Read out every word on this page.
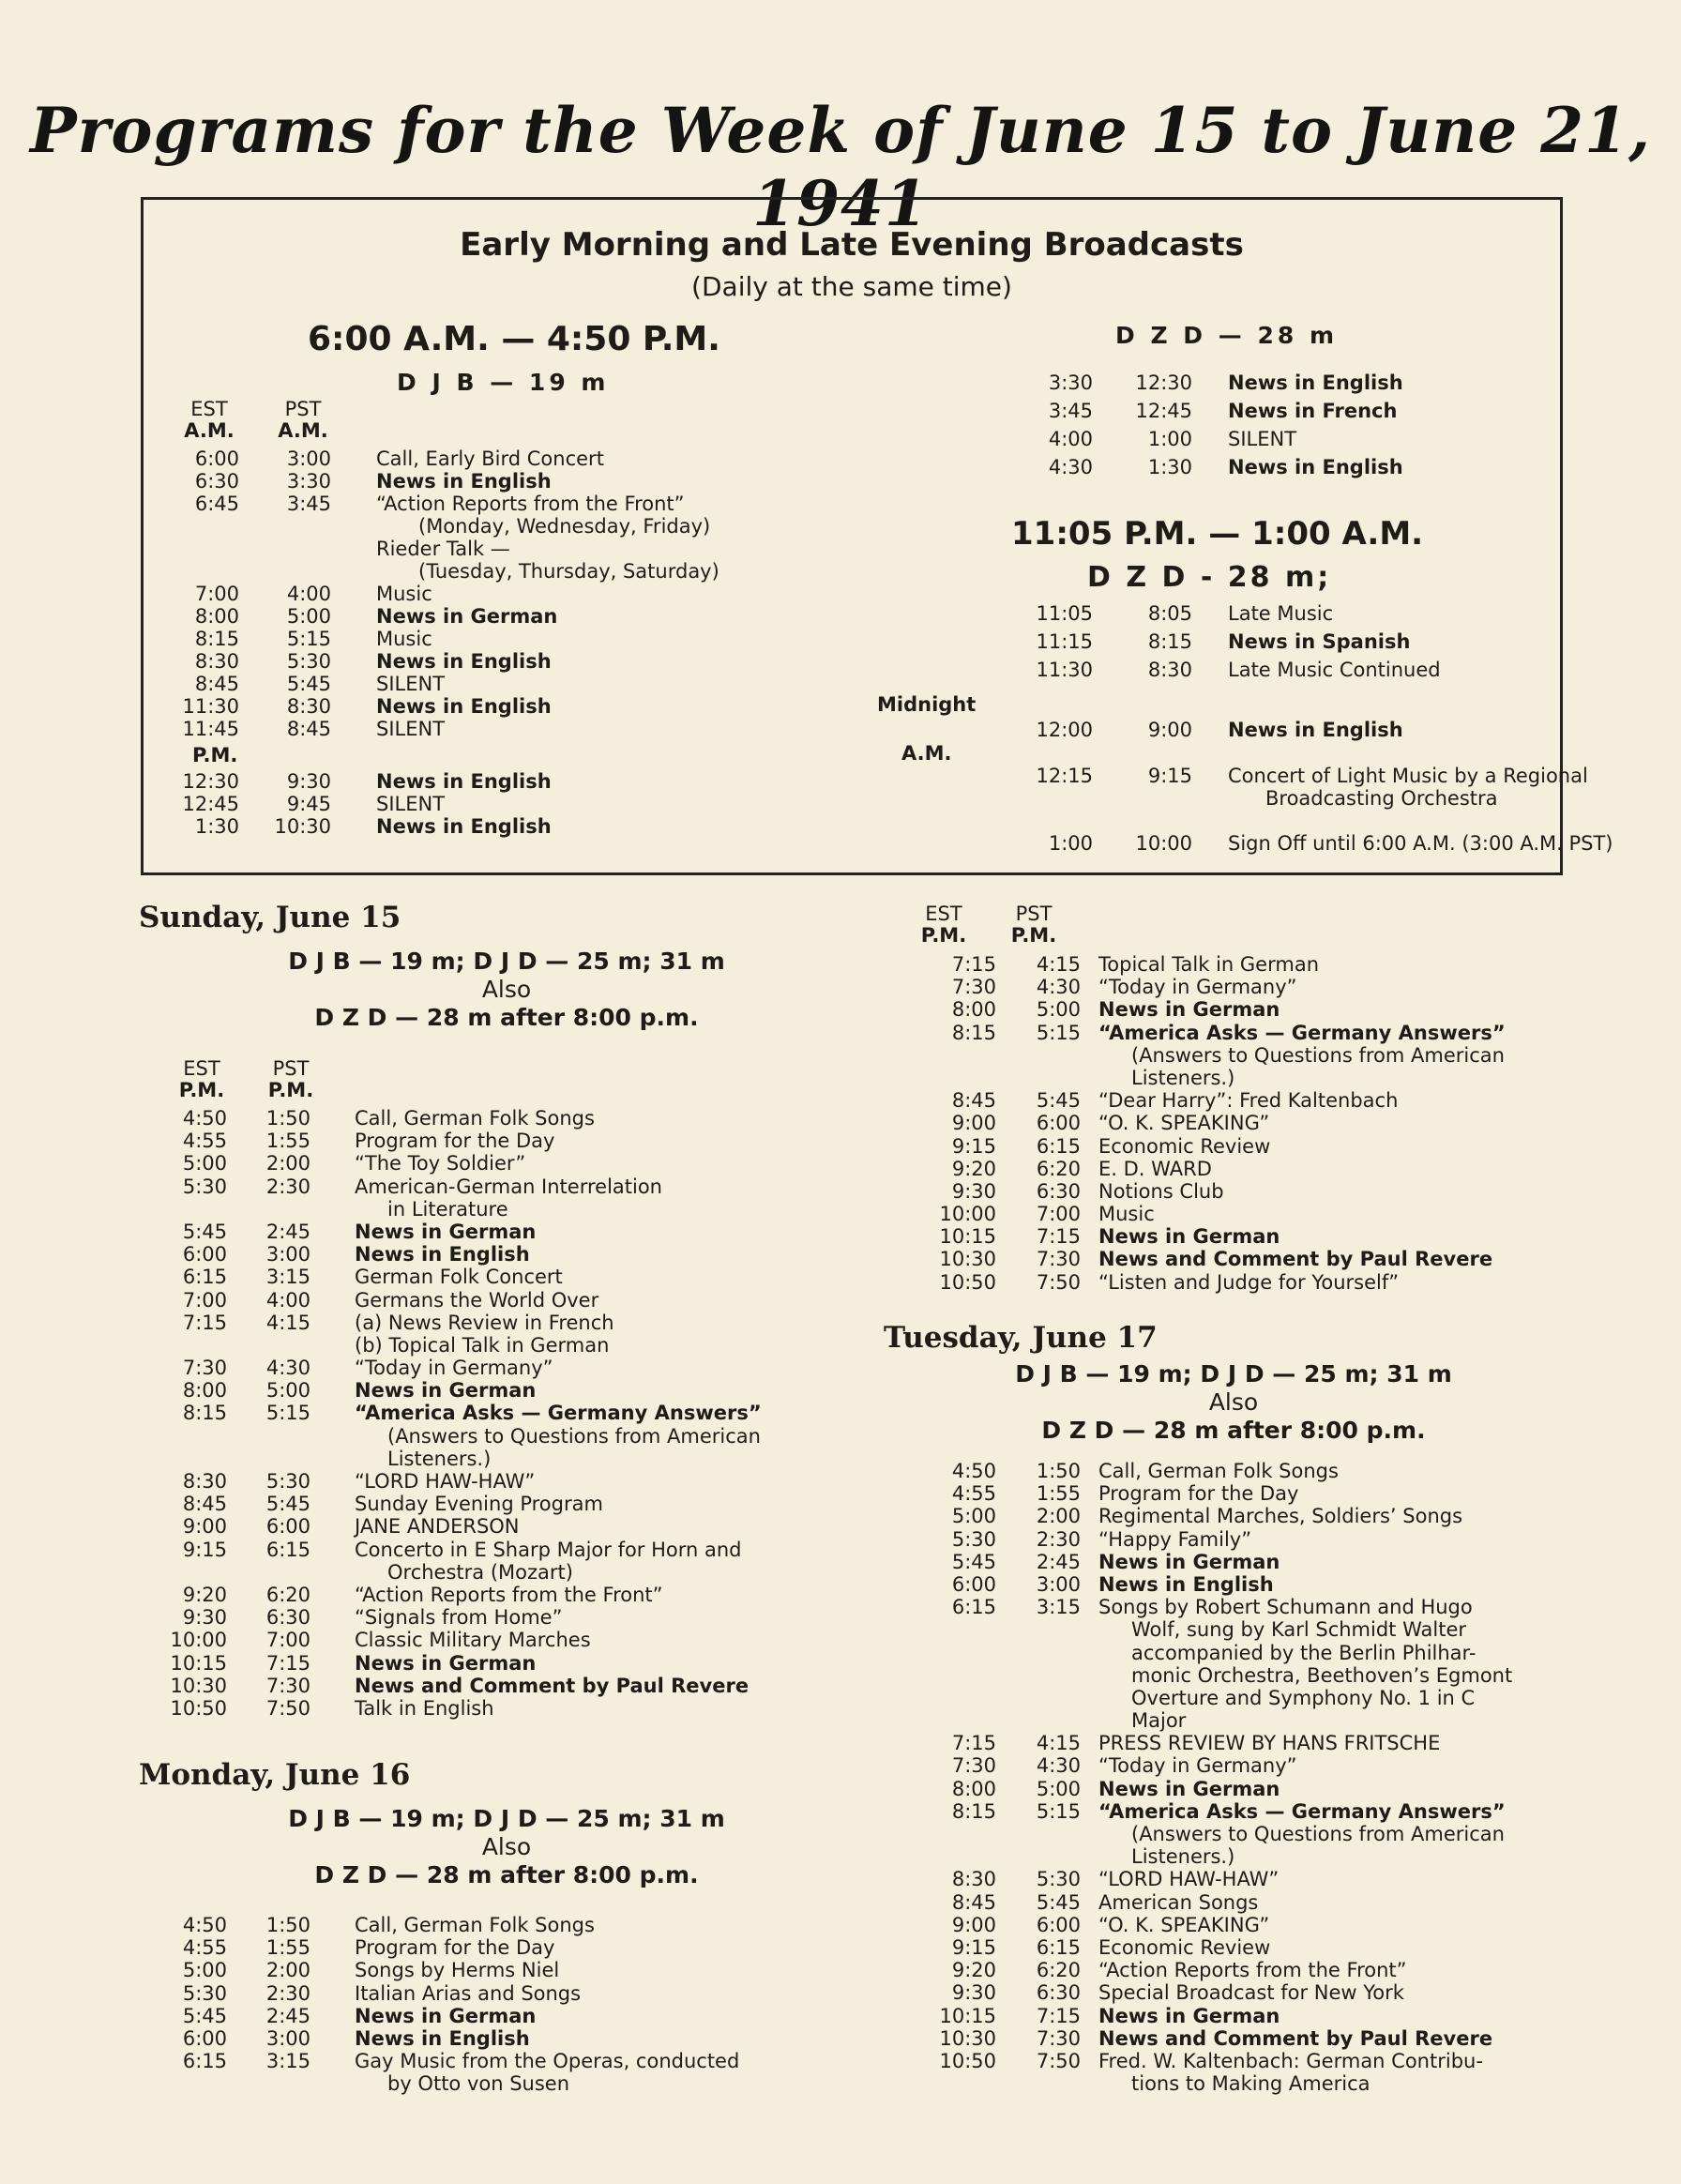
Programs for the Week of June 15 to June 21, 1941
Early Morning and Late Evening Broadcasts
(Daily at the same time)
6:00 A.M. — 4:50 P.M.
D J B — 19 m
EST
A.M.
PST
A.M.
6:00	3:00 Call, Early Bird Concert
6:30	3:30 News in English
6:45	3:45 “Action Reports from the Front”
(Monday, Wednesday, Friday)
Rieder Talk —
(Tuesday, Thursday, Saturday)
7:00	4:00 Music
8:00	5:00 News in German
8:15	5:15 Music
8:30	5:30 News in English
8:45	5:45 SILENT
11:30	8:30 News in English
11:45	8:45 SILENT
P.M.
12:30	9:30 News in English
12:45	9:45 SILENT
1:30	10:30 News in English
D Z D — 28 m
3:30	12:30 News in English
3:45	12:45 News in French
4:00	1:00 SILENT
4:30	1:30 News in English
11:05 P.M. — 1:00 A.M.
D Z D - 28 m;
11:05	8:05 Late Music
11:15	8:15 News in Spanish
11:30	8:30 Late Music Continued
Midnight
12:00	9:00 News in English
A.M.
12:15	9:15 Concert of Light Music by a Regional
Broadcasting Orchestra
1:00	10:00 Sign Off until 6:00 A.M. (3:00 A.M. PST)
Sunday, June 15
D J B — 19 m; D J D — 25 m; 31 m
Also
D Z D — 28 m after 8:00 p.m.
EST
P.M.
PST
P.M.
4:50	1:50 Call, German Folk Songs
4:55	1:55 Program for the Day
5:00	2:00 “The Toy Soldier”
5:30	2:30 American-German Interrelation
in Literature
5:45	2:45 News in German
6:00	3:00 News in English
6:15	3:15 German Folk Concert
7:00	4:00 Germans the World Over
7:15	4:15 (a) News Review in French
(b) Topical Talk in German
7:30	4:30 “Today in Germany”
8:00	5:00 News in German
8:15	5:15 “America Asks — Germany Answers”
(Answers to Questions from American
Listeners.)
8:30	5:30 “LORD HAW-HAW”
8:45	5:45 Sunday Evening Program
9:00	6:00 JANE ANDERSON
9:15	6:15 Concerto in E Sharp Major for Horn and
Orchestra (Mozart)
9:20	6:20 “Action Reports from the Front”
9:30	6:30 “Signals from Home”
10:00	7:00 Classic Military Marches
10:15	7:15 News in German
10:30	7:30 News and Comment by Paul Revere
10:50	7:50 Talk in English
Monday, June 16
D J B — 19 m; D J D — 25 m; 31 m
Also
D Z D — 28 m after 8:00 p.m.
4:50	1:50 Call, German Folk Songs
4:55	1:55 Program for the Day
5:00	2:00 Songs by Herms Niel
5:30	2:30 Italian Arias and Songs
5:45	2:45 News in German
6:00	3:00 News in English
6:15	3:15 Gay Music from the Operas, conducted
by Otto von Susen
EST
P.M.
PST
P.M.
7:15	4:15 Topical Talk in German
7:30	4:30 “Today in Germany”
8:00	5:00 News in German
8:15	5:15 “America Asks — Germany Answers”
(Answers to Questions from American
Listeners.)
8:45	5:45 “Dear Harry”: Fred Kaltenbach
9:00	6:00 “O. K. SPEAKING”
9:15	6:15 Economic Review
9:20	6:20 E. D. WARD
9:30	6:30 Notions Club
10:00	7:00 Music
10:15	7:15 News in German
10:30	7:30 News and Comment by Paul Revere
10:50	7:50 “Listen and Judge for Yourself”
Tuesday, June 17
D J B — 19 m; D J D — 25 m; 31 m
Also
D Z D — 28 m after 8:00 p.m.
4:50	1:50 Call, German Folk Songs
4:55	1:55 Program for the Day
5:00	2:00 Regimental Marches, Soldiers’ Songs
5:30	2:30 “Happy Family”
5:45	2:45 News in German
6:00	3:00 News in English
6:15	3:15 Songs by Robert Schumann and Hugo
Wolf, sung by Karl Schmidt Walter
accompanied by the Berlin Philhar-
monic Orchestra, Beethoven’s Egmont
Overture and Symphony No. 1 in C
Major
7:15	4:15 PRESS REVIEW BY HANS FRITSCHE
7:30	4:30 “Today in Germany”
8:00	5:00 News in German
8:15	5:15 “America Asks — Germany Answers”
(Answers to Questions from American
Listeners.)
8:30	5:30 “LORD HAW-HAW”
8:45	5:45 American Songs
9:00	6:00 “O. K. SPEAKING”
9:15	6:15 Economic Review
9:20	6:20 “Action Reports from the Front”
9:30	6:30 Special Broadcast for New York
10:15	7:15 News in German
10:30	7:30 News and Comment by Paul Revere
10:50	7:50 Fred. W. Kaltenbach: German Contribu-
tions to Making America
